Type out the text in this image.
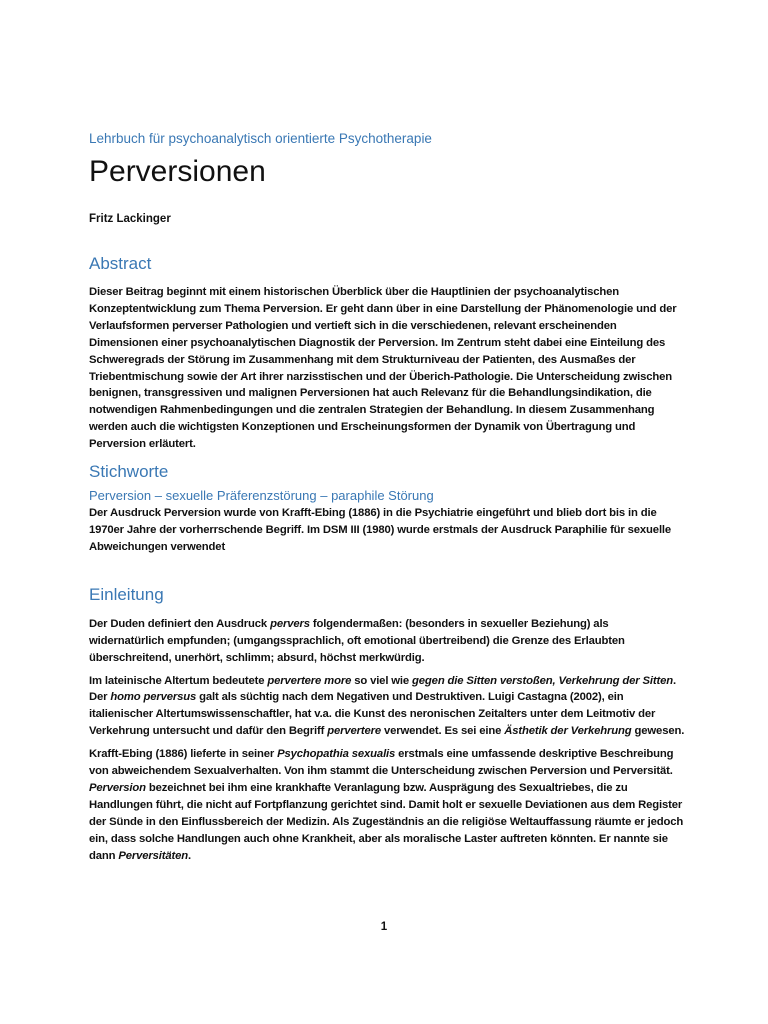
Lehrbuch für psychoanalytisch orientierte Psychotherapie
Perversionen
Fritz Lackinger
Abstract

Dieser Beitrag beginnt mit einem historischen Überblick über die Hauptlinien der psychoanalytischen Konzeptentwicklung zum Thema Perversion. Er geht dann über in eine Darstellung der Phänomenologie und der Verlaufsformen perverser Pathologien und vertieft sich in die verschiedenen, relevant erscheinenden Dimensionen einer psychoanalytischen Diagnostik der Perversion. Im Zentrum steht dabei eine Einteilung des Schweregrads der Störung im Zusammenhang mit dem Strukturniveau der Patienten, des Ausmaßes der Triebentmischung sowie der Art ihrer narzisstischen und der Überich-Pathologie. Die Unterscheidung zwischen benignen, transgressiven und malignen Perversionen hat auch Relevanz für die Behandlungsindikation, die notwendigen Rahmenbedingungen und die zentralen Strategien der Behandlung. In diesem Zusammenhang werden auch die wichtigsten Konzeptionen und Erscheinungsformen der Dynamik von Übertragung und Perversion erläutert.

Stichworte
Perversion – sexuelle Präferenzstörung – paraphile Störung

Der Ausdruck Perversion wurde von Krafft-Ebing (1886) in die Psychiatrie eingeführt und blieb dort bis in die 1970er Jahre der vorherrschende Begriff. Im DSM III (1980) wurde erstmals der Ausdruck Paraphilie für sexuelle Abweichungen verwendet

Einleitung

Der Duden definiert den Ausdruck pervers folgendermaßen: (besonders in sexueller Beziehung) als widernatürlich empfunden; (umgangssprachlich, oft emotional übertreibend) die Grenze des Erlaubten überschreitend, unerhört, schlimm; absurd, höchst merkwürdig.

Im lateinische Altertum bedeutete pervertere more so viel wie gegen die Sitten verstoßen, Verkehrung der Sitten. Der homo perversus galt als süchtig nach dem Negativen und Destruktiven. Luigi Castagna (2002), ein italienischer Altertumswissenschaftler, hat v.a. die Kunst des neronischen Zeitalters unter dem Leitmotiv der Verkehrung untersucht und dafür den Begriff pervertere verwendet. Es sei eine Ästhetik der Verkehrung gewesen.

Krafft-Ebing (1886) lieferte in seiner Psychopathia sexualis erstmals eine umfassende deskriptive Beschreibung von abweichendem Sexualverhalten. Von ihm stammt die Unterscheidung zwischen Perversion und Perversität. Perversion bezeichnet bei ihm eine krankhafte Veranlagung bzw. Ausprägung des Sexualtriebes, die zu Handlungen führt, die nicht auf Fortpflanzung gerichtet sind. Damit holt er sexuelle Deviationen aus dem Register der Sünde in den Einflussbereich der Medizin. Als Zugeständnis an die religiöse Weltauffassung räumte er jedoch ein, dass solche Handlungen auch ohne Krankheit, aber als moralische Laster auftreten könnten. Er nannte sie dann Perversitäten.

1
